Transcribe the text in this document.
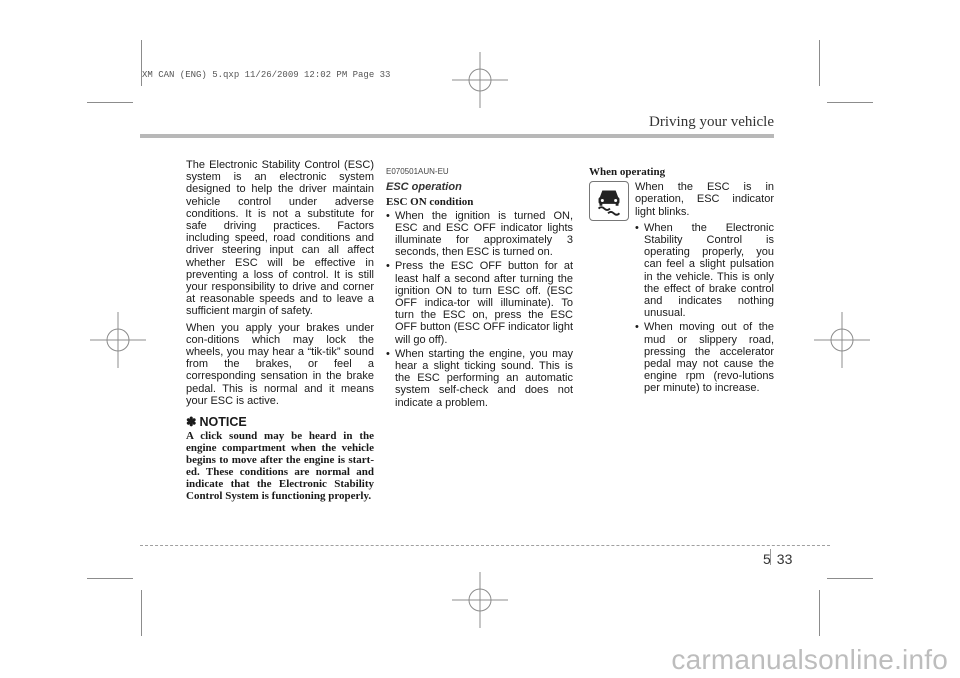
XM CAN (ENG) 5.qxp 11/26/2009 12:02 PM Page 33
Driving your vehicle

The Electronic Stability Control (ESC) system is an electronic system designed to help the driver maintain vehicle control under adverse conditions. It is not a substitute for safe driving practices. Factors including speed, road conditions and driver steering input can all affect whether ESC will be effective in preventing a loss of control. It is still your responsibility to drive and corner at reasonable speeds and to leave a sufficient margin of safety.

When you apply your brakes under con-ditions which may lock the wheels, you may hear a “tik-tik” sound from the brakes, or feel a corresponding sensation in the brake pedal. This is normal and it means your ESC is active.

✽ NOTICE
A click sound may be heard in the engine compartment when the vehicle begins to move after the engine is start-ed. These conditions are normal and indicate that the Electronic Stability Control System is functioning properly.
E070501AUN-EU
ESC operation
ESC ON condition
• When the ignition is turned ON, ESC and ESC OFF indicator lights illuminate for approximately 3 seconds, then ESC is turned on.
• Press the ESC OFF button for at least half a second after turning the ignition ON to turn ESC off. (ESC OFF indica-tor will illuminate). To turn the ESC on, press the ESC OFF button (ESC OFF indicator light will go off).
• When starting the engine, you may hear a slight ticking sound. This is the ESC performing an automatic system self-check and does not indicate a problem.
When operating

When the ESC is in operation, ESC indicator light blinks.

• When the Electronic Stability Control is operating properly, you can feel a slight pulsation in the vehicle. This is only the effect of brake control and indicates nothing unusual.
• When moving out of the mud or slippery road, pressing the accelerator pedal may not cause the engine rpm (revo-lutions per minute) to increase.
5 33
carmanualsonline.info
